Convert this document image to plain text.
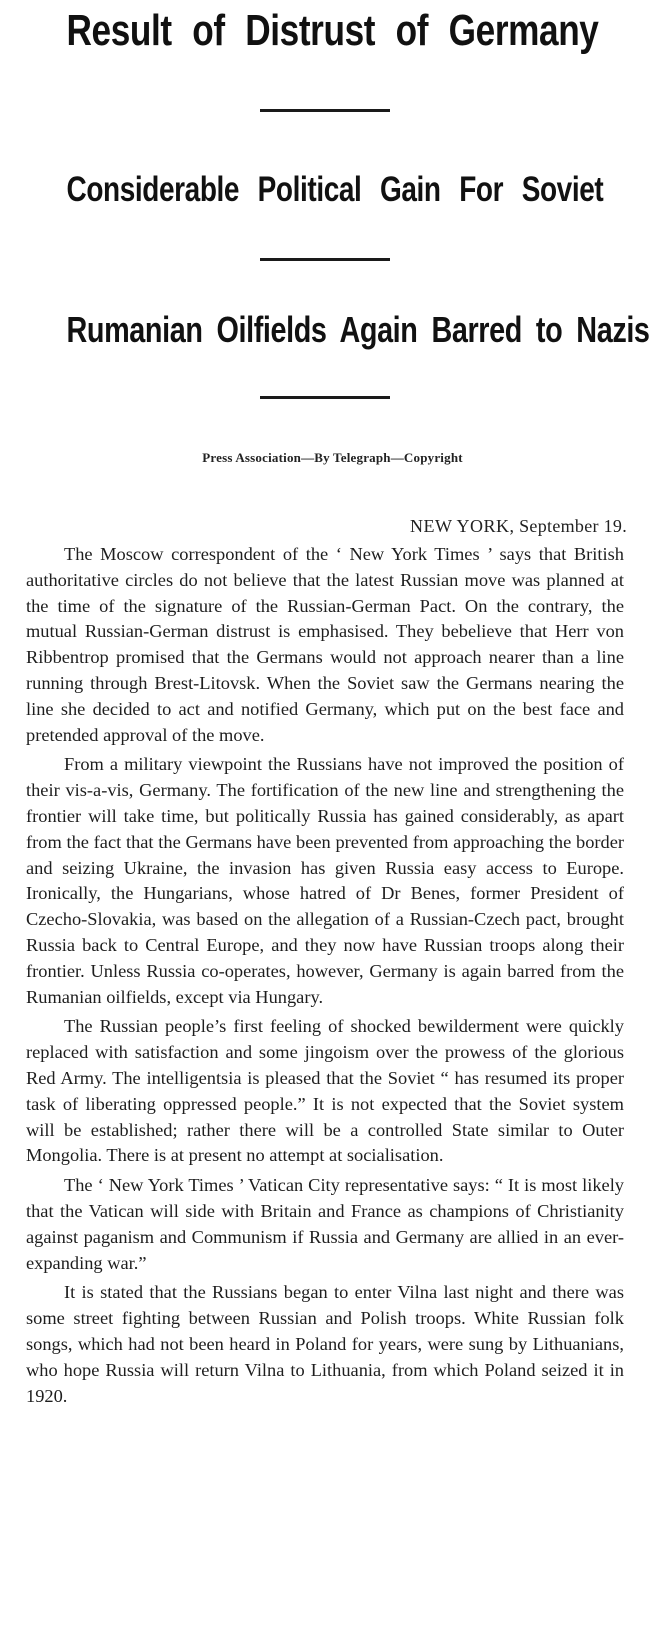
Result of Distrust of Germany
Considerable Political Gain For Soviet
Rumanian Oilfields Again Barred to Nazis
Press Association—By Telegraph—Copyright
NEW YORK, September 19.

The Moscow correspondent of the ‘ New York Times ’ says that British authoritative circles do not believe that the latest Russian move was planned at the time of the signature of the Russian-German Pact. On the contrary, the mutual Russian-German distrust is emphasised. They bebelieve that Herr von Ribbentrop promised that the Germans would not approach nearer than a line running through Brest-Litovsk. When the Soviet saw the Germans nearing the line she decided to act and notified Germany, which put on the best face and pretended approval of the move.

From a military viewpoint the Russians have not improved the position of their vis-a-vis, Germany. The fortification of the new line and strengthening the frontier will take time, but politically Russia has gained considerably, as apart from the fact that the Germans have been prevented from approaching the border and seizing Ukraine, the invasion has given Russia easy access to Europe. Ironically, the Hungarians, whose hatred of Dr Benes, former President of Czecho-Slovakia, was based on the allegation of a Russian-Czech pact, brought Russia back to Central Europe, and they now have Russian troops along their frontier. Unless Russia co-operates, however, Germany is again barred from the Rumanian oilfields, except via Hungary.

The Russian people’s first feeling of shocked bewilderment were quickly replaced with satisfaction and some jingoism over the prowess of the glorious Red Army. The intelligentsia is pleased that the Soviet “ has resumed its proper task of liberating oppressed people.” It is not expected that the Soviet system will be established; rather there will be a controlled State similar to Outer Mongolia. There is at present no attempt at socialisation.

The ‘ New York Times ’ Vatican City representative says: “ It is most likely that the Vatican will side with Britain and France as champions of Christianity against paganism and Communism if Russia and Germany are allied in an ever-expanding war.”

It is stated that the Russians began to enter Vilna last night and there was some street fighting between Russian and Polish troops. White Russian folk songs, which had not been heard in Poland for years, were sung by Lithuanians, who hope Russia will return Vilna to Lithuania, from which Poland seized it in 1920.
